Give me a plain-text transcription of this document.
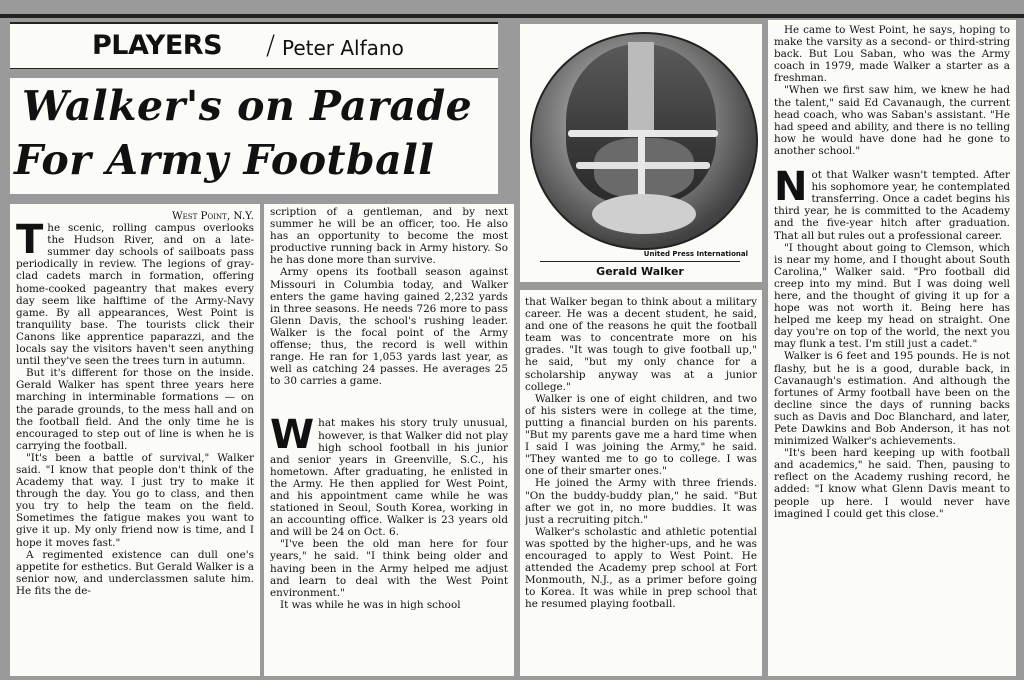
PLAYERS / Peter Alfano
Walker's on Parade
For Army Football
United Press International
Gerald Walker

West Point, N.Y.

The scenic, rolling campus overlooks the Hudson River, and on a late-summer day schools of sailboats pass periodically in review. The legions of gray-clad cadets march in formation, offering home-cooked pageantry that makes every day seem like halftime of the Army-Navy game. By all appearances, West Point is tranquility base. The tourists click their Canons like apprentice paparazzi, and the locals say the visitors haven't seen anything until they've seen the trees turn in autumn.

But it's different for those on the inside. Gerald Walker has spent three years here marching in interminable formations — on the parade grounds, to the mess hall and on the football field. And the only time he is encouraged to step out of line is when he is carrying the football.

"It's been a battle of survival," Walker said. "I know that people don't think of the Academy that way. I just try to make it through the day. You go to class, and then you try to help the team on the field. Sometimes the fatigue makes you want to give it up. My only friend now is time, and I hope it moves fast."

A regimented existence can dull one's appetite for esthetics. But Gerald Walker is a senior now, and underclassmen salute him. He fits the de-

scription of a gentleman, and by next summer he will be an officer, too. He also has an opportunity to become the most productive running back in Army history. So he has done more than survive.

Army opens its football season against Missouri in Columbia today, and Walker enters the game having gained 2,232 yards in three seasons. He needs 726 more to pass Glenn Davis, the school's rushing leader. Walker is the focal point of the Army offense; thus, the record is well within range. He ran for 1,053 yards last year, as well as catching 24 passes. He averages 25 to 30 carries a game.

What makes his story truly unusual, however, is that Walker did not play high school football in his junior and senior years in Greenville, S.C., his hometown. After graduating, he enlisted in the Army. He then applied for West Point, and his appointment came while he was stationed in Seoul, South Korea, working in an accounting office. Walker is 23 years old and will be 24 on Oct. 6.

"I've been the old man here for four years," he said. "I think being older and having been in the Army helped me adjust and learn to deal with the West Point environment."

It was while he was in high school

that Walker began to think about a military career. He was a decent student, he said, and one of the reasons he quit the football team was to concentrate more on his grades. "It was tough to give football up," he said, "but my only chance for a scholarship anyway was at a junior college."

Walker is one of eight children, and two of his sisters were in college at the time, putting a financial burden on his parents. "But my parents gave me a hard time when I said I was joining the Army," he said. "They wanted me to go to college. I was one of their smarter ones."

He joined the Army with three friends. "On the buddy-buddy plan," he said. "But after we got in, no more buddies. It was just a recruiting pitch."

Walker's scholastic and athletic potential was spotted by the higher-ups, and he was encouraged to apply to West Point. He attended the Academy prep school at Fort Monmouth, N.J., as a primer before going to Korea. It was while in prep school that he resumed playing football.

He came to West Point, he says, hoping to make the varsity as a second- or third-string back. But Lou Saban, who was the Army coach in 1979, made Walker a starter as a freshman.

"When we first saw him, we knew he had the talent," said Ed Cavanaugh, the current head coach, who was Saban's assistant. "He had speed and ability, and there is no telling how he would have done had he gone to another school."

Not that Walker wasn't tempted. After his sophomore year, he contemplated transferring. Once a cadet begins his third year, he is committed to the Academy and the five-year hitch after graduation. That all but rules out a professional career.

"I thought about going to Clemson, which is near my home, and I thought about South Carolina," Walker said. "Pro football did creep into my mind. But I was doing well here, and the thought of giving it up for a hope was not worth it. Being here has helped me keep my head on straight. One day you're on top of the world, the next you may flunk a test. I'm still just a cadet."

Walker is 6 feet and 195 pounds. He is not flashy, but he is a good, durable back, in Cavanaugh's estimation. And although the fortunes of Army football have been on the decline since the days of running backs such as Davis and Doc Blanchard, and later, Pete Dawkins and Bob Anderson, it has not minimized Walker's achievements.

"It's been hard keeping up with football and academics," he said. Then, pausing to reflect on the Academy rushing record, he added: "I know what Glenn Davis meant to people up here. I would never have imagined I could get this close."
